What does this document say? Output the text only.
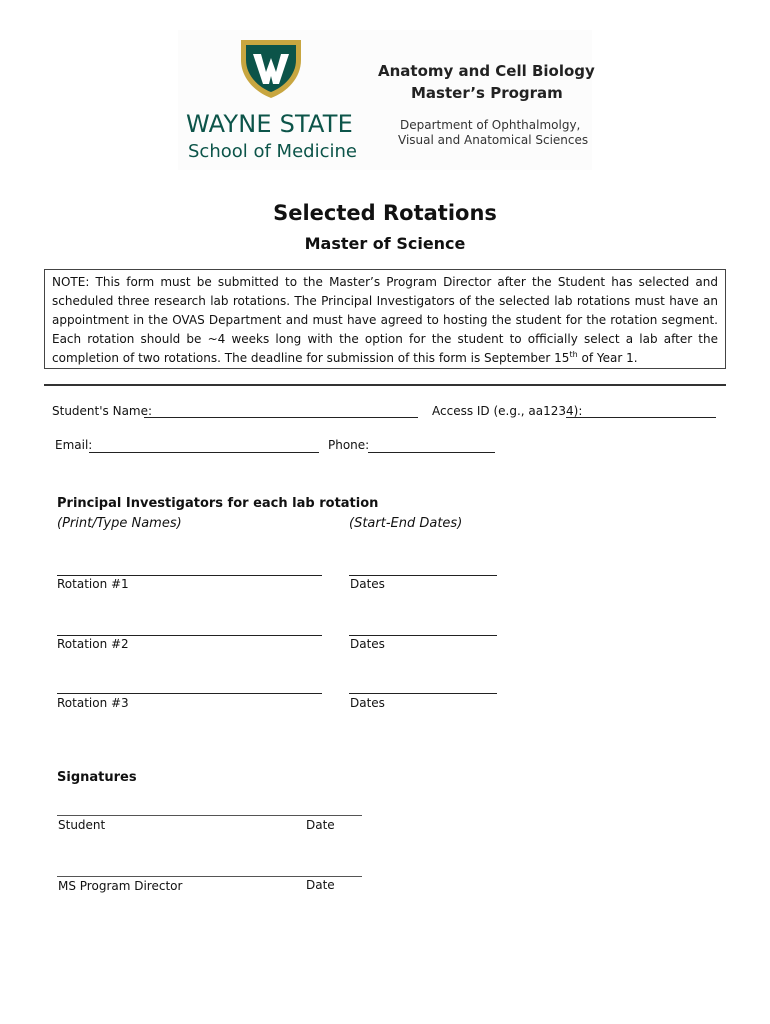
WAYNE STATE
School of Medicine
Anatomy and Cell Biology
Master’s Program
Department of Ophthalmolgy,
Visual and Anatomical Sciences
Selected Rotations
Master of Science
NOTE: This form must be submitted to the Master’s Program Director after the Student has selected and scheduled three research lab rotations. The Principal Investigators of the selected lab rotations must have an appointment in the OVAS Department and must have agreed to hosting the student for the rotation segment. Each rotation should be ~4 weeks long with the option for the student to officially select a lab after the completion of two rotations. The deadline for submission of this form is September 15th of Year 1.
Student's Name:	Access ID (e.g., aa1234):
Email:	Phone:
Principal Investigators for each lab rotation
(Print/Type Names)	(Start-End Dates)
Rotation #1	Dates
Rotation #2	Dates
Rotation #3	Dates
Signatures
Student	Date
MS Program Director	Date
